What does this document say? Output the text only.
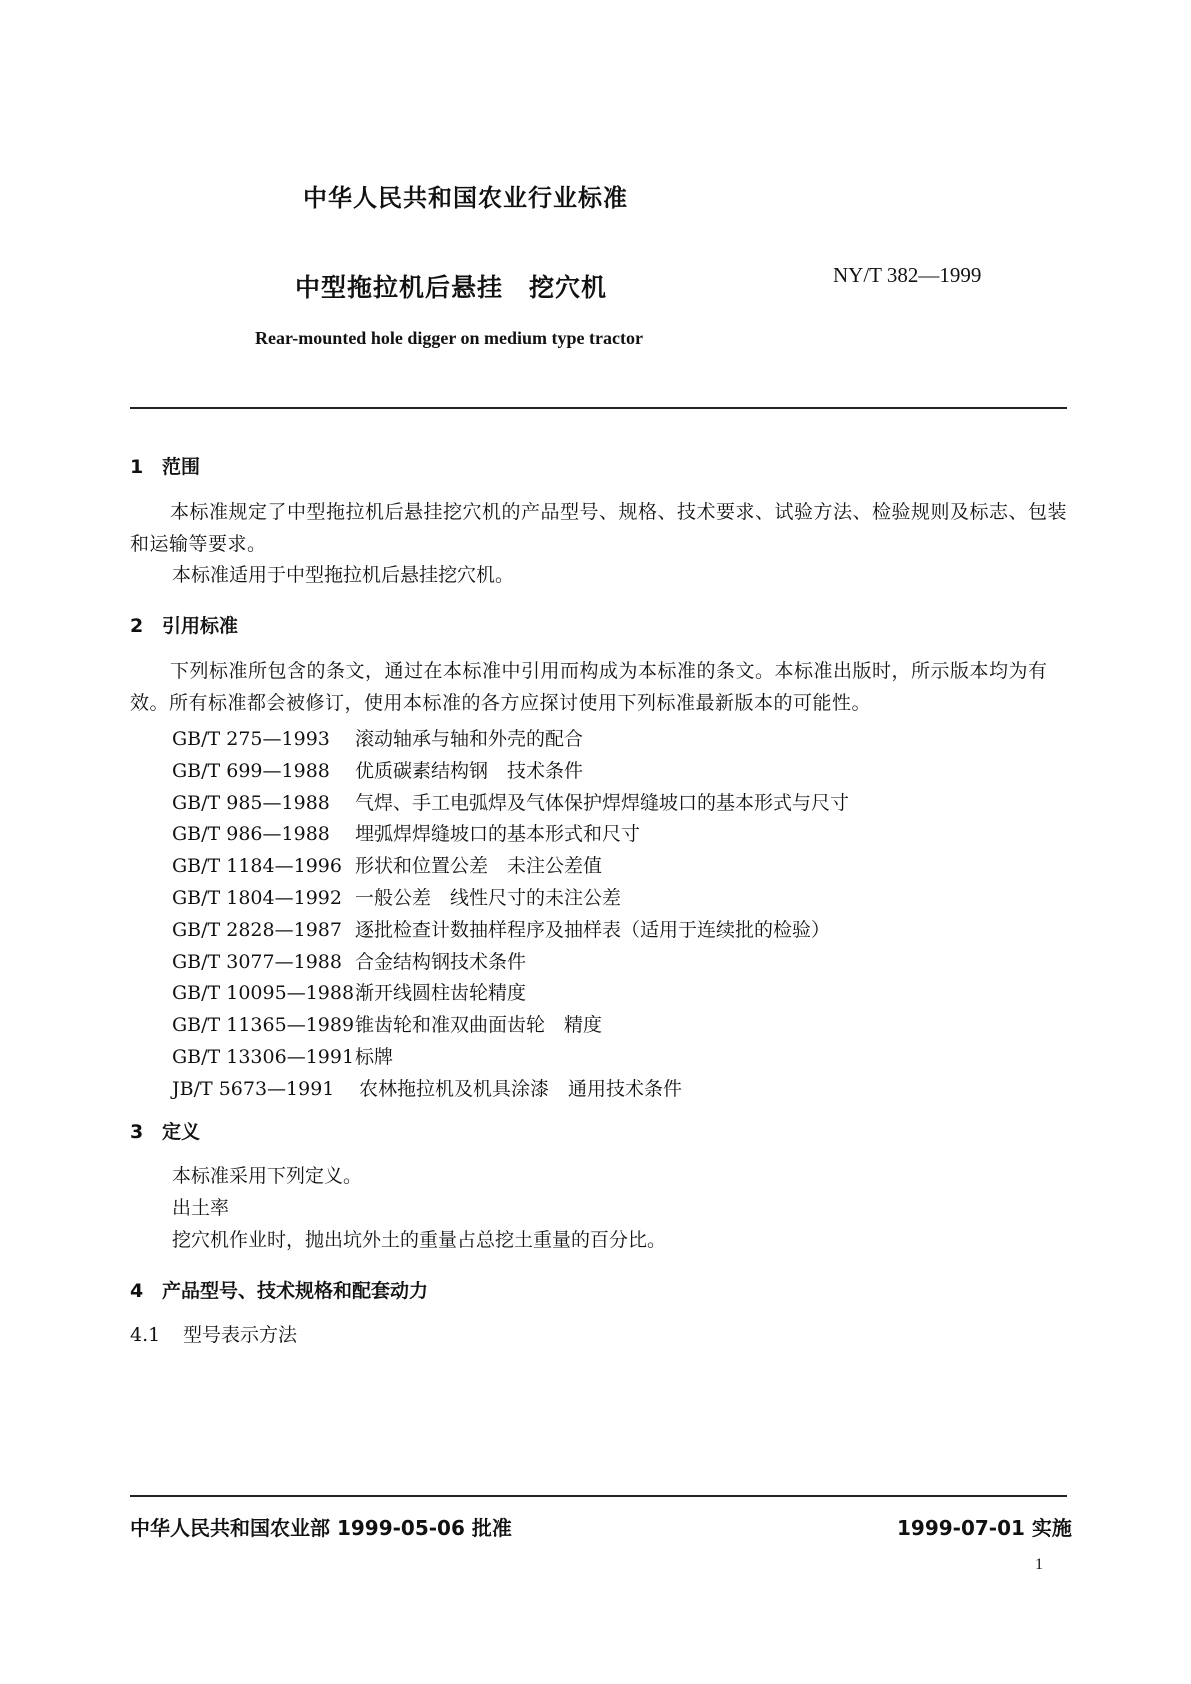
中华人民共和国农业行业标准
中型拖拉机后悬挂　挖穴机	NY/T 382—1999
Rear-mounted hole digger on medium type tractor
1 范围
本标准规定了中型拖拉机后悬挂挖穴机的产品型号、规格、技术要求、试验方法、检验规则及标志、包装和运输等要求。
本标准适用于中型拖拉机后悬挂挖穴机。
2 引用标准
下列标准所包含的条文，通过在本标准中引用而构成为本标准的条文。本标准出版时，所示版本均为有效。所有标准都会被修订，使用本标准的各方应探讨使用下列标准最新版本的可能性。
GB/T 275—1993 滚动轴承与轴和外壳的配合
GB/T 699—1988 优质碳素结构钢　技术条件
GB/T 985—1988 气焊、手工电弧焊及气体保护焊焊缝坡口的基本形式与尺寸
GB/T 986—1988 埋弧焊焊缝坡口的基本形式和尺寸
GB/T 1184—1996 形状和位置公差　未注公差值
GB/T 1804—1992 一般公差　线性尺寸的未注公差
GB/T 2828—1987 逐批检查计数抽样程序及抽样表（适用于连续批的检验）
GB/T 3077—1988 合金结构钢技术条件
GB/T 10095—1988渐开线圆柱齿轮精度
GB/T 11365—1989锥齿轮和准双曲面齿轮　精度
GB/T 13306—1991标牌
JB/T 5673—1991 农林拖拉机及机具涂漆　通用技术条件
3 定义
本标准采用下列定义。
出土率
挖穴机作业时，抛出坑外土的重量占总挖土重量的百分比。
4 产品型号、技术规格和配套动力
4.1 型号表示方法
中华人民共和国农业部 1999-05-06 批准	1999-07-01 实施
1
